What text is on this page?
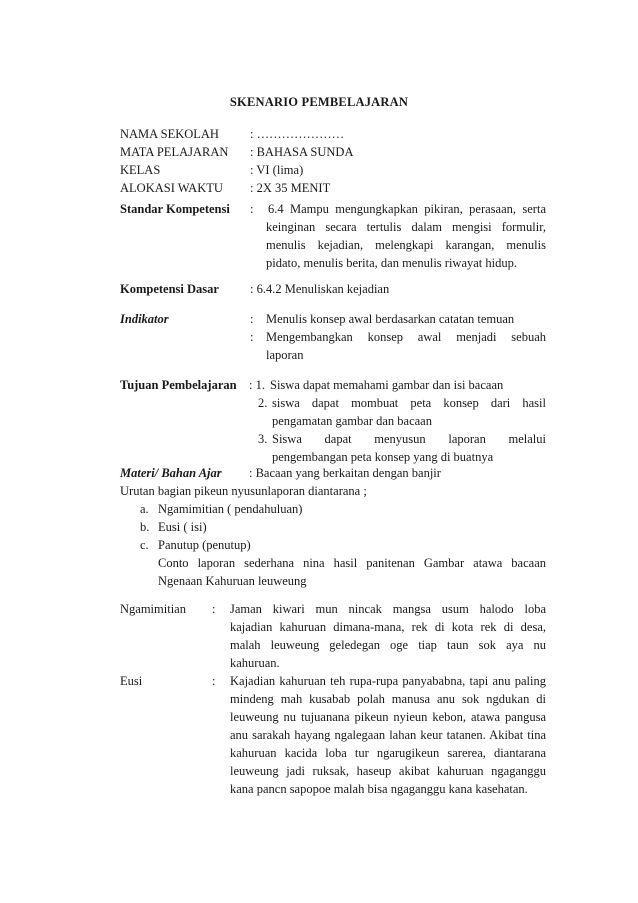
SKENARIO PEMBELAJARAN
NAMA SEKOLAH : …………………
MATA PELAJARAN : BAHASA SUNDA
KELAS	: VI (lima)
ALOKASI WAKTU : 2X 35 MENIT
Standar Kompetensi : 6.4 Mampu mengungkapkan pikiran, perasaan, serta
keinginan secara tertulis dalam mengisi formulir,
menulis kejadian, melengkapi karangan, menulis
pidato, menulis berita, dan menulis riwayat hidup.
Kompetensi Dasar : 6.4.2 Menuliskan kejadian
Indikator	: Menulis konsep awal berdasarkan catatan temuan
: Mengembangkan konsep awal menjadi sebuah
laporan
Tujuan Pembelajaran : 1. Siswa dapat memahami gambar dan isi bacaan
2. siswa dapat mombuat peta konsep dari hasil
pengamatan gambar dan bacaan
3. Siswa dapat menyusun laporan melalui
pengembangan peta konsep yang di buatnya
Materi/ Bahan Ajar : Bacaan yang berkaitan dengan banjir
Urutan bagian pikeun nyusunlaporan diantarana ;
a. Ngamimitian ( pendahuluan)
b. Eusi ( isi)
c. Panutup (penutup)
Conto laporan sederhana nina hasil panitenan Gambar atawa bacaan
Ngenaan Kahuruan leuweung
Ngamimitian : Jaman kiwari mun nincak mangsa usum halodo loba
kajadian kahuruan dimana-mana, rek di kota rek di desa,
malah leuweung geledegan oge tiap taun sok aya nu
kahuruan.
Eusi	: Kajadian kahuruan teh rupa-rupa panyababna, tapi anu paling
mindeng mah kusabab polah manusa anu sok ngdukan di
leuweung nu tujuanana pikeun nyieun kebon, atawa pangusa
anu sarakah hayang ngalegaan lahan keur tatanen. Akibat tina
kahuruan kacida loba tur ngarugikeun sarerea, diantarana
leuweung jadi ruksak, haseup akibat kahuruan ngaganggu
kana pancn sapopoe malah bisa ngaganggu kana kasehatan.
